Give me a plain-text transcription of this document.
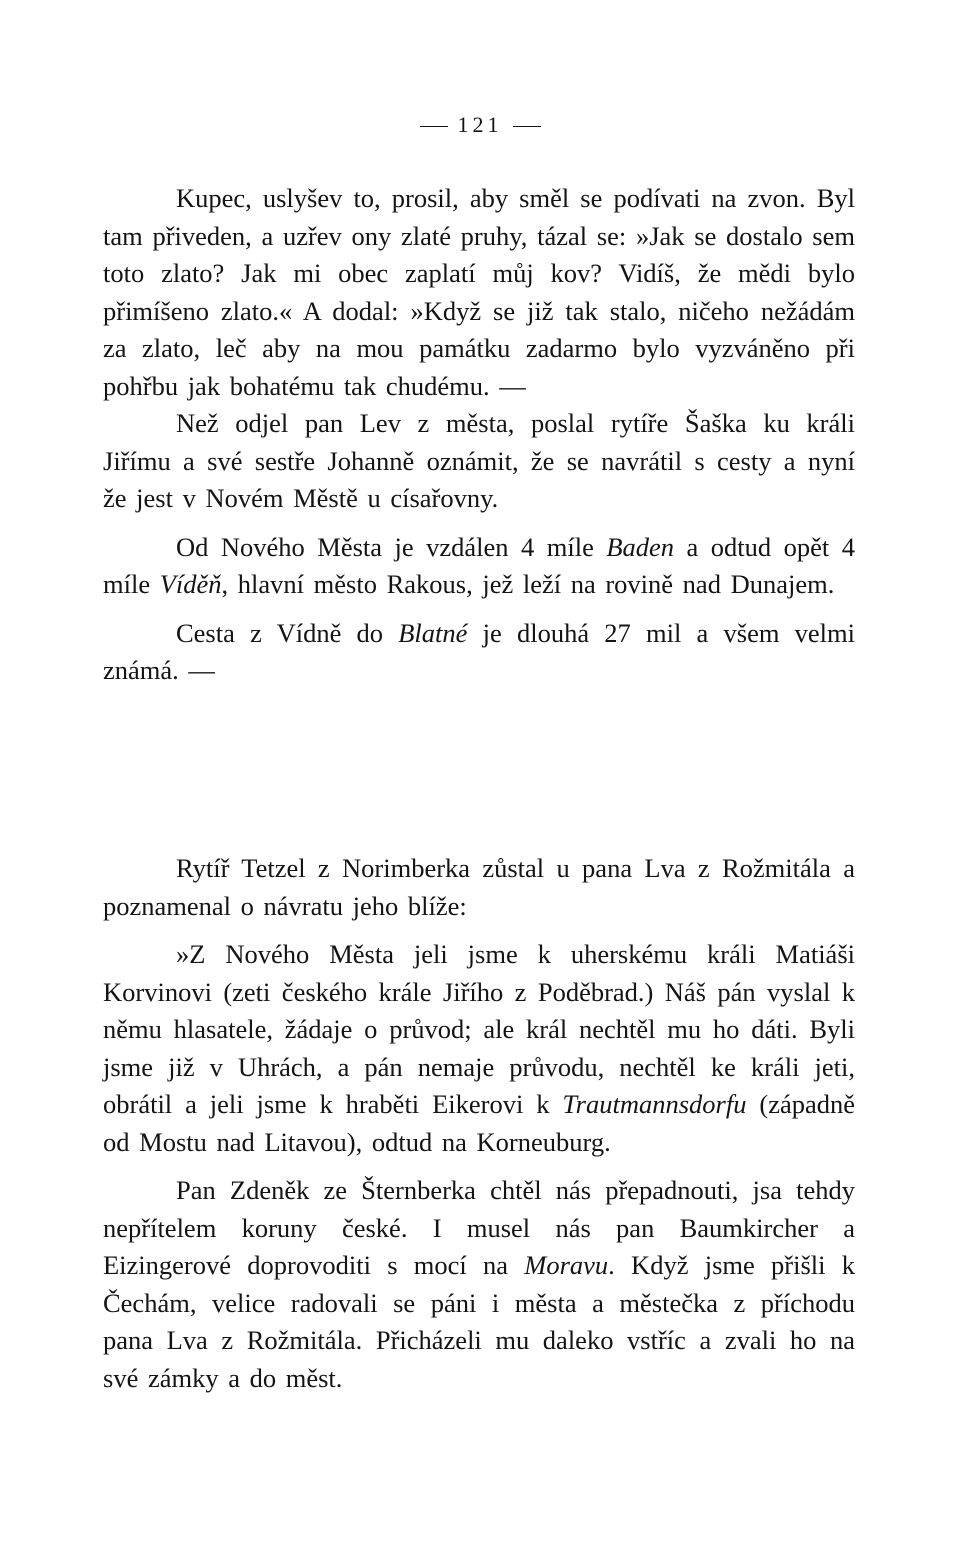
121

Kupec, uslyšev to, prosil, aby směl se podívati na zvon. Byl tam přiveden, a uzřev ony zlaté pruhy, tázal se: »Jak se dostalo sem toto zlato? Jak mi obec zaplatí můj kov? Vidíš, že mědi bylo přimíšeno zlato.« A dodal: »Když se již tak stalo, ničeho nežádám za zlato, leč aby na mou památku zadarmo bylo vyzváněno při pohřbu jak bohatému tak chudému. —

Než odjel pan Lev z města, poslal rytíře Šaška ku králi Jiřímu a své sestře Johanně oznámit, že se navrátil s cesty a nyní že jest v Novém Městě u císařovny.

Od Nového Města je vzdálen 4 míle Baden a odtud opět 4 míle Víděň, hlavní město Rakous, jež leží na rovině nad Dunajem.

Cesta z Vídně do Blatné je dlouhá 27 mil a všem velmi známá. —

Rytíř Tetzel z Norimberka zůstal u pana Lva z Rožmitála a poznamenal o návratu jeho blíže:

»Z Nového Města jeli jsme k uherskému králi Matiáši Korvinovi (zeti českého krále Jiřího z Poděbrad.) Náš pán vyslal k němu hlasatele, žádaje o průvod; ale král nechtěl mu ho dáti. Byli jsme již v Uhrách, a pán nemaje průvodu, nechtěl ke králi jeti, obrátil a jeli jsme k hraběti Eikerovi k Trautmannsdorfu (západně od Mostu nad Litavou), odtud na Korneuburg.

Pan Zdeněk ze Šternberka chtěl nás přepadnouti, jsa tehdy nepřítelem koruny české. I musel nás pan Baumkircher a Eizingerové doprovoditi s mocí na Moravu. Když jsme přišli k Čechám, velice radovali se páni i města a městečka z příchodu pana Lva z Rožmitála. Přicházeli mu daleko vstříc a zvali ho na své zámky a do měst.
